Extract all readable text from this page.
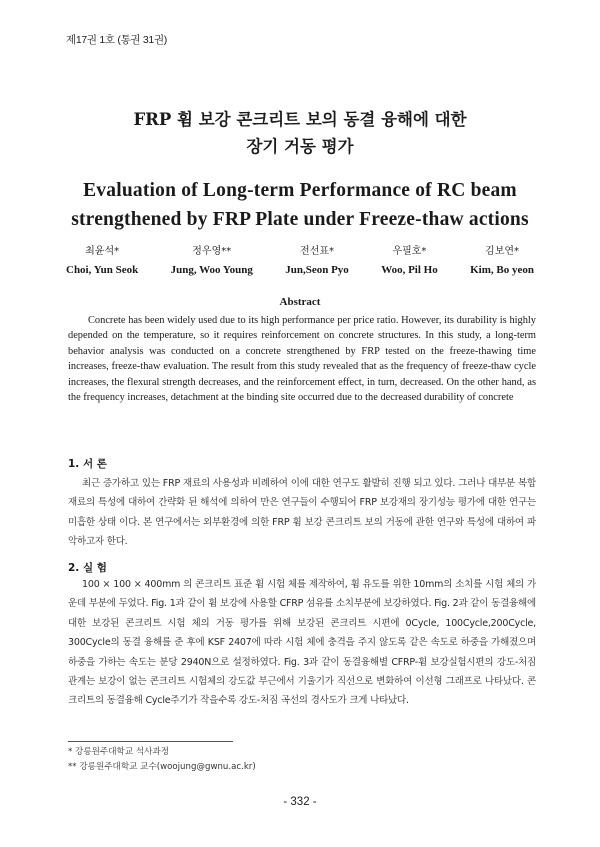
제17권 1호 (통권 31권)
FRP 휨 보강 콘크리트 보의 동결 융해에 대한
장기 거동 평가
Evaluation of Long-term Performance of RC beam
strengthened by FRP Plate under Freeze-thaw actions
최윤석*
Choi, Yun Seok
정우영**
Jung, Woo Young
전선표*
Jun,Seon Pyo
우필호*
Woo, Pil Ho
김보연*
Kim, Bo yeon
Abstract

Concrete has been widely used due to its high performance per price ratio. However, its durability is highly depended on the temperature, so it requires reinforcement on concrete structures. In this study, a long-term behavior analysis was conducted on a concrete strengthened by FRP tested on the freeze-thawing time increases, freeze-thaw evaluation. The result from this study revealed that as the frequency of freeze-thaw cycle increases, the flexural strength decreases, and the reinforcement effect, in turn, decreased. On the other hand, as the frequency increases, detachment at the binding site occurred due to the decreased durability of concrete

1. 서 론

최근 증가하고 있는 FRP 재료의 사용성과 비례하여 이에 대한 연구도 활발히 진행 되고 있다. 그러나 대부분 복합재료의 특성에 대하여 간략화 된 해석에 의하여 만은 연구들이 수행되어 FRP 보강재의 장기성능 평가에 대한 연구는 미흡한 상태 이다. 본 연구에서는 외부환경에 의한 FRP 휨 보강 콘크리트 보의 거동에 관한 연구와 특성에 대하여 파악하고자 한다.

2. 실 험

100 × 100 × 400mm 의 콘크리트 표준 휨 시험 체를 제작하여, 휨 유도를 위한 10mm의 소치를 시험 체의 가운데 부분에 두었다. Fig. 1과 같이 휨 보강에 사용할 CFRP 섬유를 소치부분에 보강하였다. Fig. 2과 같이 동결융해에 대한 보강된 콘크리트 시험 체의 거동 평가를 위해 보강된 콘크리트 시편에 0Cycle, 100Cycle,200Cycle, 300Cycle의 동결 융해를 준 후에 KSF 2407에 따라 시험 체에 충격을 주지 않도록 같은 속도로 하중을 가해졌으며 하중을 가하는 속도는 분당 2940N으로 설정하였다. Fig. 3과 같이 동결융해별 CFRP-휨 보강실험시편의 강도-처짐 관계는 보강이 없는 콘크리트 시험체의 강도값 부근에서 기울기가 직선으로 변화하여 이선형 그래프로 나타났다. 콘크리트의 동결융해 Cycle주기가 작을수록 강도-처짐 곡선의 경사도가 크게 나타났다.

* 강릉원주대학교 석사과정
** 강릉원주대학교 교수(woojung@gwnu.ac.kr)
- 332 -
